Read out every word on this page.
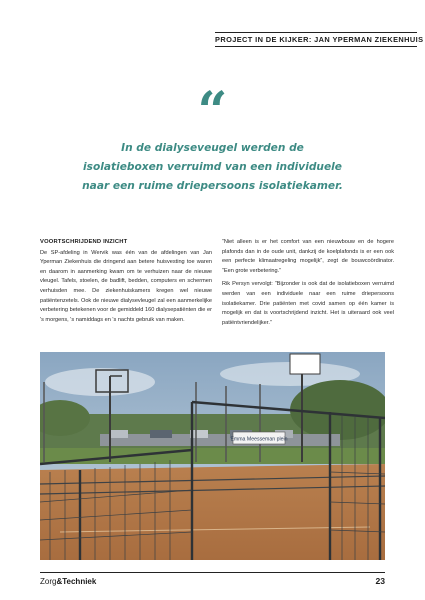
PROJECT IN DE KIJKER: JAN YPERMAN ZIEKENHUIS
“
In de dialyseveugel werden de isolatieboxen verruimd van een individuele naar een ruime driepersoons isolatiekamer.
VOORTSCHRIJDEND INZICHT

De SP-afdeling in Wervik was één van de afdelingen van Jan Yperman Ziekenhuis die dringend aan betere huisvesting toe waren en daarom in aanmerking kwam om te verhuizen naar de nieuwe vleugel. Tafels, stoelen, de badlift, bedden, computers en schermen verhuisden mee. De ziekenhuiskamers kregen wel nieuwe patiëntenzetels. Ook de nieuwe dialysevleugel zal een aanmerkelijke verbetering betekenen voor de gemiddeld 160 dialysepatiënten die er 's morgens, 's namiddags en 's nachts gebruik van maken.

“Niet alleen is er het comfort van een nieuwbouw en de hogere plafonds dan in de oude unit, dankzij de koelplafonds is er een ook een perfecte klimaatregeling mogelijk”, zegt de bouwcoördinator. “Een grote verbetering.”

Rik Persyn vervolgt: “Bijzonder is ook dat de isolatieboxen verruimd werden van een individuele naar een ruime driepersoons isolatiekamer. Drie patiënten met covid samen op één kamer is mogelijk en dat is voortschrijdend inzicht. Het is uiteraard ook veel patiëntvriendelijker.”

Emma Meesseman plein
Zorg&Techniek	23
